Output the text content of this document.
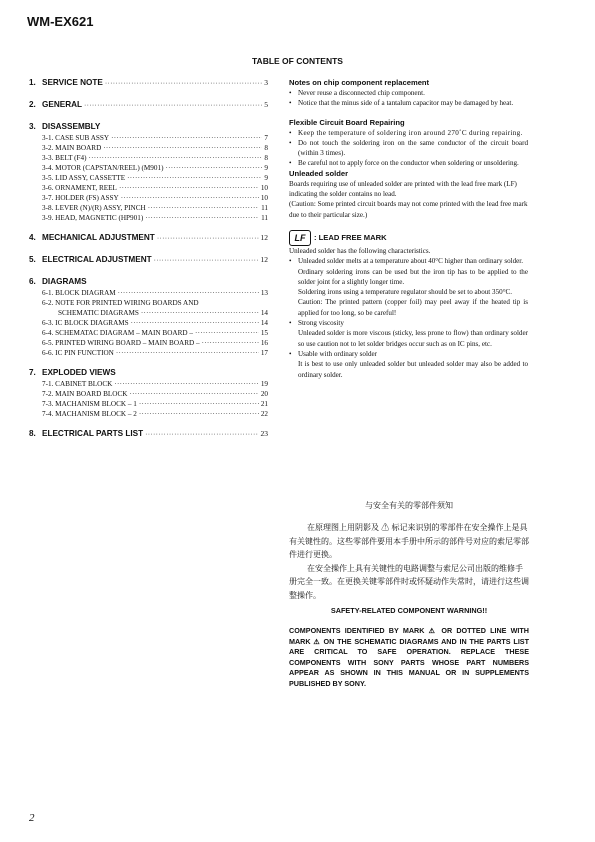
WM-EX621
TABLE OF CONTENTS
1. SERVICE NOTE ·····	3
2. GENERAL ·····	5
3. DISASSEMBLY
3-1. CASE SUB ASSY ·····	7
3-2. MAIN BOARD ·····	8
3-3. BELT (F4) ·····	8
3-4. MOTOR (CAPSTAN/REEL) (M901) ·····	9
3-5. LID ASSY, CASSETTE ·····	9
3-6. ORNAMENT, REEL ·····	10
3-7. HOLDER (FS) ASSY ·····	10
3-8. LEVER (N)/(R) ASSY, PINCH ·····	11
3-9. HEAD, MAGNETIC (HP901) ·····	11
4. MECHANICAL ADJUSTMENT ·····	12
5. ELECTRICAL ADJUSTMENT ·····	12
6. DIAGRAMS
6-1. BLOCK DIAGRAM ·····	13
6-2. NOTE FOR PRINTED WIRING BOARDS AND
SCHEMATIC DIAGRAMS ·····	14
6-3. IC BLOCK DIAGRAMS ·····	14
6-4. SCHEMATAC DIAGRAM – MAIN BOARD – ·····	15
6-5. PRINTED WIRING BOARD – MAIN BOARD – ·····	16
6-6. IC PIN FUNCTION ·····	17
7. EXPLODED VIEWS
7-1. CABINET BLOCK ·····	19
7-2. MAIN BOARD BLOCK ·····	20
7-3. MACHANISM BLOCK – 1 ·····	21
7-4. MACHANISM BLOCK – 2 ·····	22
8. ELECTRICAL PARTS LIST ·····	23

Notes on chip component replacement

• Never reuse a disconnected chip component.
• Notice that the minus side of a tantalum capacitor may be damaged by heat.

Flexible Circuit Board Repairing

• Keep the temperature of soldering iron around 270˚C during repairing.
• Do not touch the soldering iron on the same conductor of the circuit board (within 3 times).
• Be careful not to apply force on the conductor when soldering or unsoldering.

Unleaded solder

Boards requiring use of unleaded solder are printed with the lead free mark (LF) indicating the solder contains no lead.

(Caution: Some printed circuit boards may not come printed with the lead free mark due to their particular size.)

LF	: LEAD FREE MARK

Unleaded solder has the following characteristics.

• Unleaded solder melts at a temperature about 40°C higher than ordinary solder.
Ordinary soldering irons can be used but the iron tip has to be applied to the solder joint for a slightly longer time.
Soldering irons using a temperature regulator should be set to about 350°C.
Caution: The printed pattern (copper foil) may peel away if the heated tip is applied for too long, so be careful!
• Strong viscosity
Unleaded solder is more viscous (sticky, less prone to flow) than ordinary solder so use caution not to let solder bridges occur such as on IC pins, etc.
• Usable with ordinary solder
It is best to use only unleaded solder but unleaded solder may also be added to ordinary solder.
与安全有关的零部件须知
在原理图上用阴影及 ⚠ 标记来识别的零部件在安全操作上是具有关键性的。这些零部件要用本手册中所示的部件号对应的索尼零部件进行更换。
在安全操作上具有关键性的电路调整与索尼公司出版的维修手册完全一致。在更换关键零部件时或怀疑动作失常时，请进行这些调整操作。
SAFETY-RELATED COMPONENT WARNING!!
COMPONENTS IDENTIFIED BY MARK ⚠ OR DOTTED LINE WITH MARK ⚠ ON THE SCHEMATIC DIAGRAMS AND IN THE PARTS LIST ARE CRITICAL TO SAFE OPERATION. REPLACE THESE COMPONENTS WITH SONY PARTS WHOSE PART NUMBERS APPEAR AS SHOWN IN THIS MANUAL OR IN SUPPLEMENTS PUBLISHED BY SONY.
2
